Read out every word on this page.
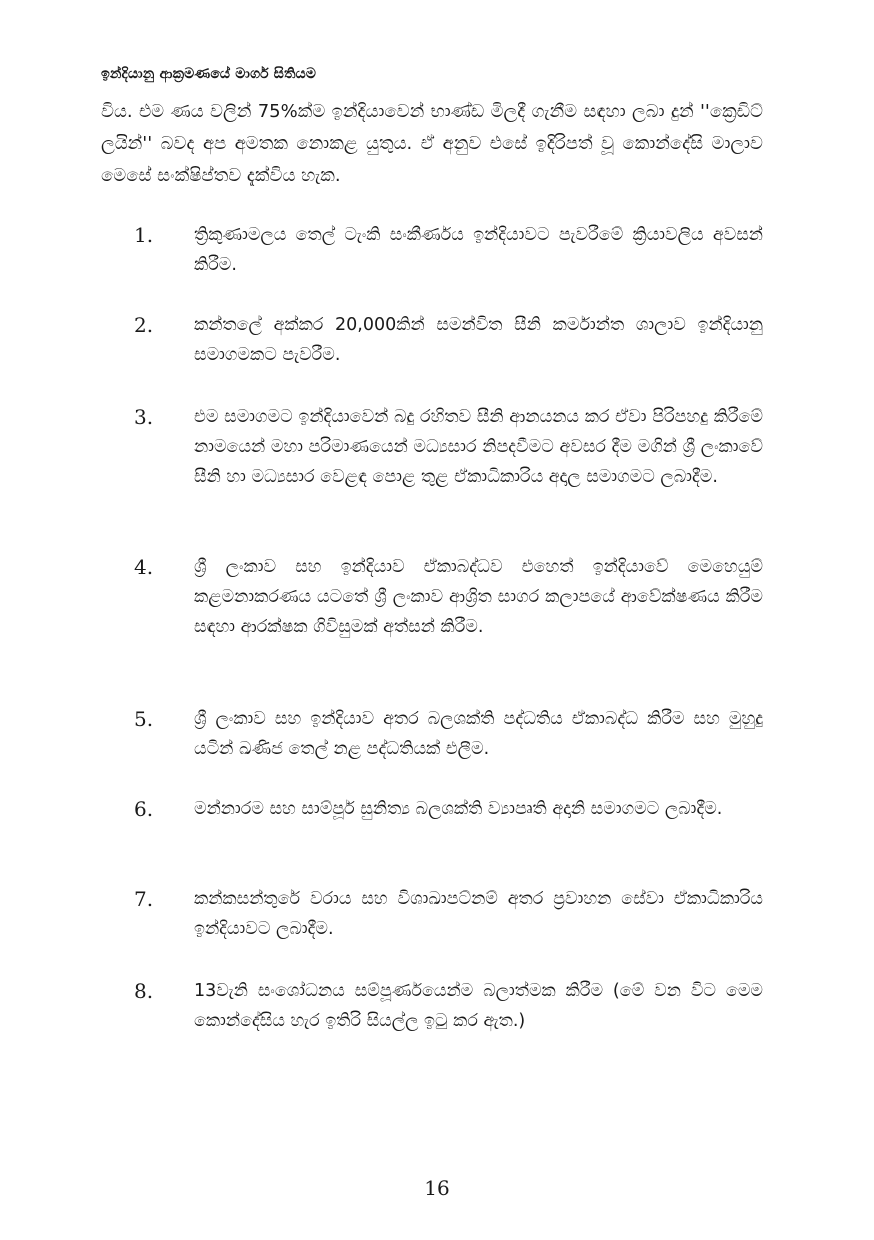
ඉන්දියානු ආක්‍රමණයේ මාර්ග සිතියම

විය. එම ණය වලින් 75%ක්ම ඉන්දියාවෙන් භාණ්ඩ මිලදී ගැනීම සඳහා ලබා දුන් ''ක්‍රෙඩිට් ලයින්'' බවද අප අමතක නොකළ යුතුය. ඒ අනුව එසේ ඉදිරිපත් වූ කොන්දේසි මාලාව මෙසේ සංක්ෂිප්තව දැක්විය හැක.

1. ත්‍රිකුණාමලය තෙල් ටැංකි සංකීර්ණය ඉන්දියාවට පැවරීමේ ක්‍රියාවලිය අවසන් කිරීම.

2. කන්තලේ අක්කර 20,000කින් සමන්විත සීනි කර්මාන්ත ශාලාව ඉන්දියානු සමාගමකට පැවරීම.

3. එම සමාගමට ඉන්දියාවෙන් බදු රහිතව සීනි ආනයනය කර ඒවා පිරිපහදු කිරීමේ නාමයෙන් මහා පරිමාණයෙන් මධ්‍යසාර නිපදවීමට අවසර දීම මගින් ශ්‍රී ලංකාවේ සීනි හා මධ්‍යසාර වෙළඳ පොළ තුළ ඒකාධිකාරිය අදාල සමාගමට ලබාදීම.

4. ශ්‍රී ලංකාව සහ ඉන්දියාව ඒකාබද්ධව එහෙත් ඉන්දියාවේ මෙහෙයුම් කළමනාකරණය යටතේ ශ්‍රී ලංකාව ආශ්‍රිත සාගර කලාපයේ ආවේක්ෂණය කිරීම සඳහා ආරක්ෂක ගිවිසුමක් අත්සන් කිරීම.

5. ශ්‍රී ලංකාව සහ ඉන්දියාව අතර බලශක්ති පද්ධතිය ඒකාබද්ධ කිරීම සහ මුහුදු යටින් ඛණිජ තෙල් නළ පද්ධතියක් එලීම.

6. මන්නාරම සහ සාම්පූර් සුනිත්‍ය බලශක්ති ව්‍යාපෘති අදානි සමාගමට ලබාදීම.

7. කන්කසන්තුරේ වරාය සහ විශාඛාපට්නම් අතර ප්‍රවාහන සේවා ඒකාධිකාරිය ඉන්දියාවට ලබාදීම.

8. 13වැනි සංශෝධනය සම්පූර්ණයෙන්ම බලාත්මක කිරීම (මේ වන විට මෙම කොන්දේසිය හැර ඉතිරි සියල්ල ඉටු කර ඇත.)

16
